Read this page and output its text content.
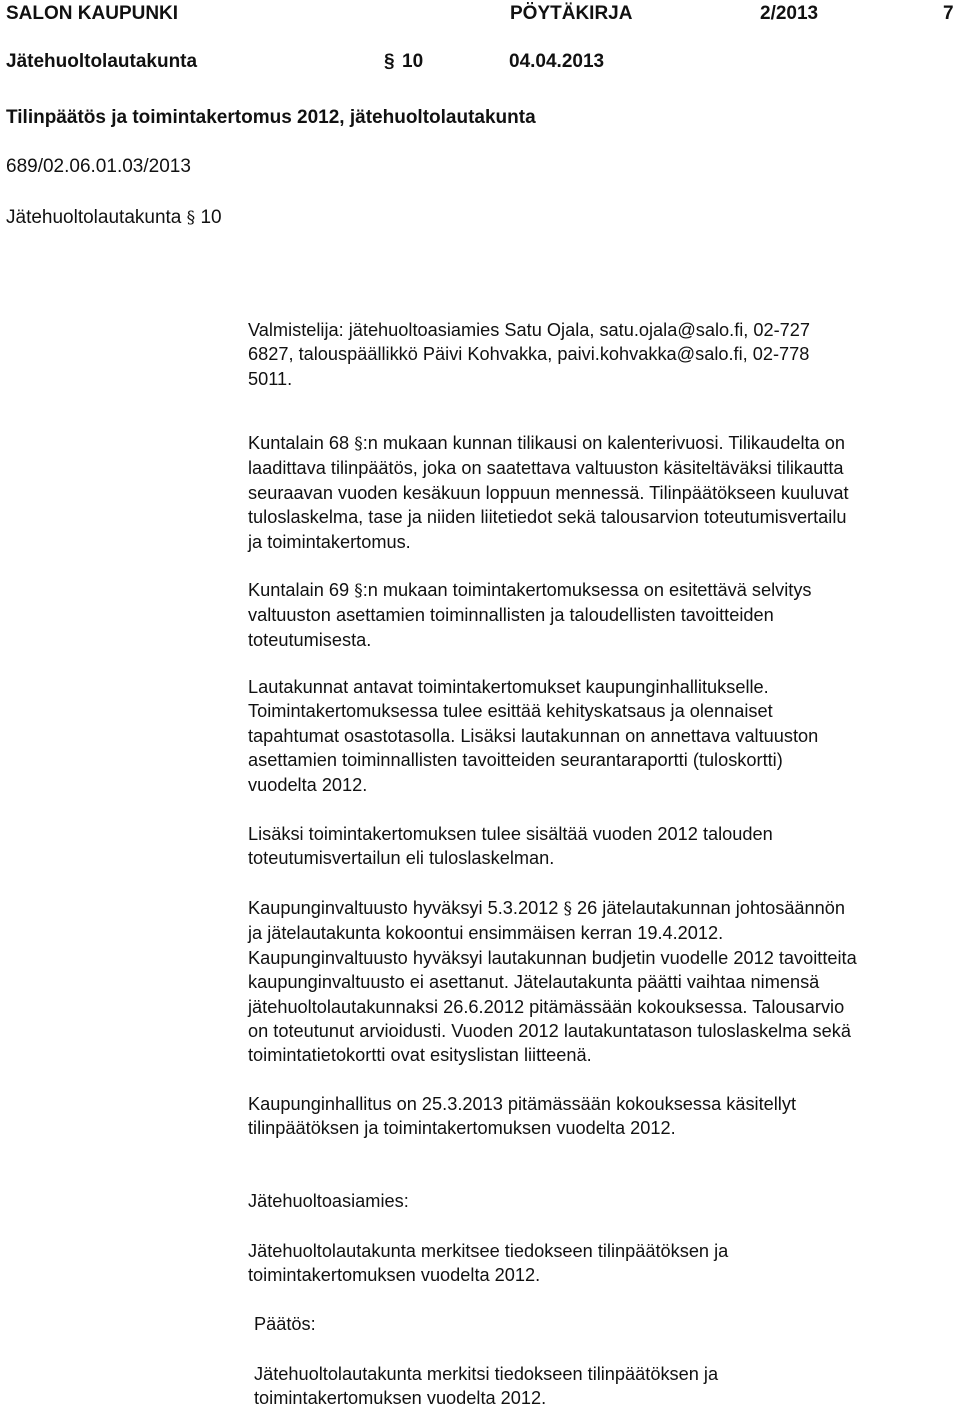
SALON KAUPUNKI	PÖYTÄKIRJA	2/2013	7
Jätehuoltolautakunta	§ 10	04.04.2013
Tilinpäätös ja toimintakertomus 2012, jätehuoltolautakunta
689/02.06.01.03/2013
Jätehuoltolautakunta § 10
Valmistelija: jätehuoltoasiamies Satu Ojala, satu.ojala@salo.fi, 02-727
6827, talouspäällikkö Päivi Kohvakka, paivi.kohvakka@salo.fi, 02-778
5011.
Kuntalain 68 §:n mukaan kunnan tilikausi on kalenterivuosi. Tilikaudelta on
laadittava tilinpäätös, joka on saatettava valtuuston käsiteltäväksi tilikautta
seuraavan vuoden kesäkuun loppuun mennessä. Tilinpäätökseen kuuluvat
tuloslaskelma, tase ja niiden liitetiedot sekä talousarvion toteutumisvertailu
ja toimintakertomus.
Kuntalain 69 §:n mukaan toimintakertomuksessa on esitettävä selvitys
valtuuston asettamien toiminnallisten ja taloudellisten tavoitteiden
toteutumisesta.
Lautakunnat antavat toimintakertomukset kaupunginhallitukselle.
Toimintakertomuksessa tulee esittää kehityskatsaus ja olennaiset
tapahtumat osastotasolla. Lisäksi lautakunnan on annettava valtuuston
asettamien toiminnallisten tavoitteiden seurantaraportti (tuloskortti)
vuodelta 2012.
Lisäksi toimintakertomuksen tulee sisältää vuoden 2012 talouden
toteutumisvertailun eli tuloslaskelman.
Kaupunginvaltuusto hyväksyi 5.3.2012 § 26 jätelautakunnan johtosäännön
ja jätelautakunta kokoontui ensimmäisen kerran 19.4.2012.
Kaupunginvaltuusto hyväksyi lautakunnan budjetin vuodelle 2012 tavoitteita
kaupunginvaltuusto ei asettanut. Jätelautakunta päätti vaihtaa nimensä
jätehuoltolautakunnaksi 26.6.2012 pitämässään kokouksessa. Talousarvio
on toteutunut arvioidusti. Vuoden 2012 lautakuntatason tuloslaskelma sekä
toimintatietokortti ovat esityslistan liitteenä.
Kaupunginhallitus on 25.3.2013 pitämässään kokouksessa käsitellyt
tilinpäätöksen ja toimintakertomuksen vuodelta 2012.
Jätehuoltoasiamies:
Jätehuoltolautakunta merkitsee tiedokseen tilinpäätöksen ja
toimintakertomuksen vuodelta 2012.
Päätös:
Jätehuoltolautakunta merkitsi tiedokseen tilinpäätöksen ja
toimintakertomuksen vuodelta 2012.
